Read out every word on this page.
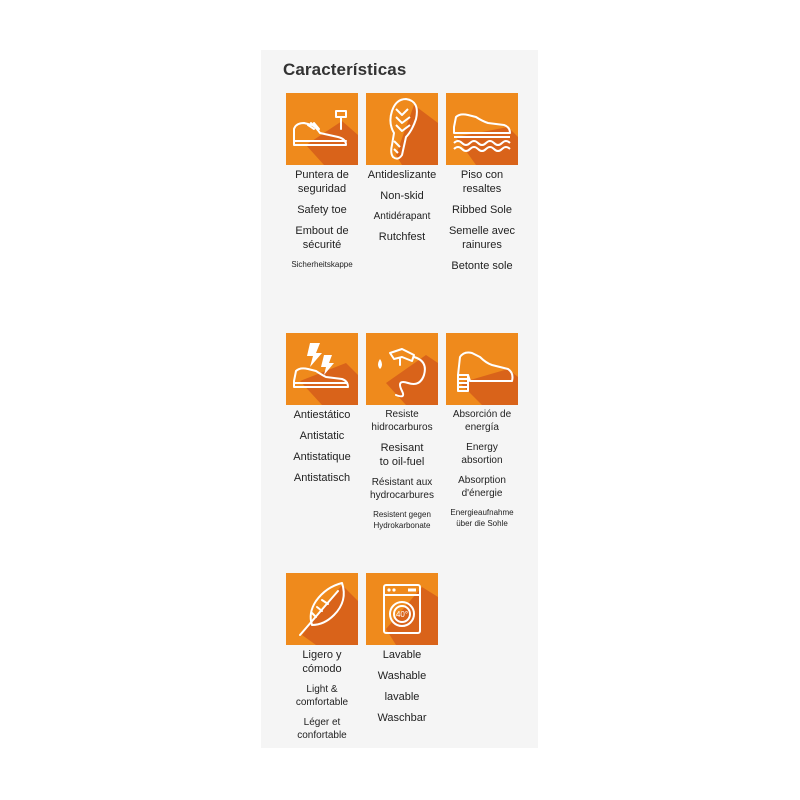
Características
Puntera de
seguridad
Safety toe
Embout de
sécurité
Sicherheitskappe
Antideslizante
Non-skid
Antidérapant
Rutchfest
Piso con
resaltes
Ribbed Sole
Semelle avec
rainures
Betonte sole
Antiestático
Antistatic
Antistatique
Antistatisch
Resiste
hidrocarburos
Resisant
to oil-fuel
Résistant aux
hydrocarbures
Resistent gegen
Hydrokarbonate
Absorción de
energía
Energy
absortion
Absorption
d'énergie
Energieaufnahme
über die Sohle
Ligero y
cómodo
Light &
comfortable
Léger et
confortable
40°
Lavable
Washable
lavable
Waschbar
